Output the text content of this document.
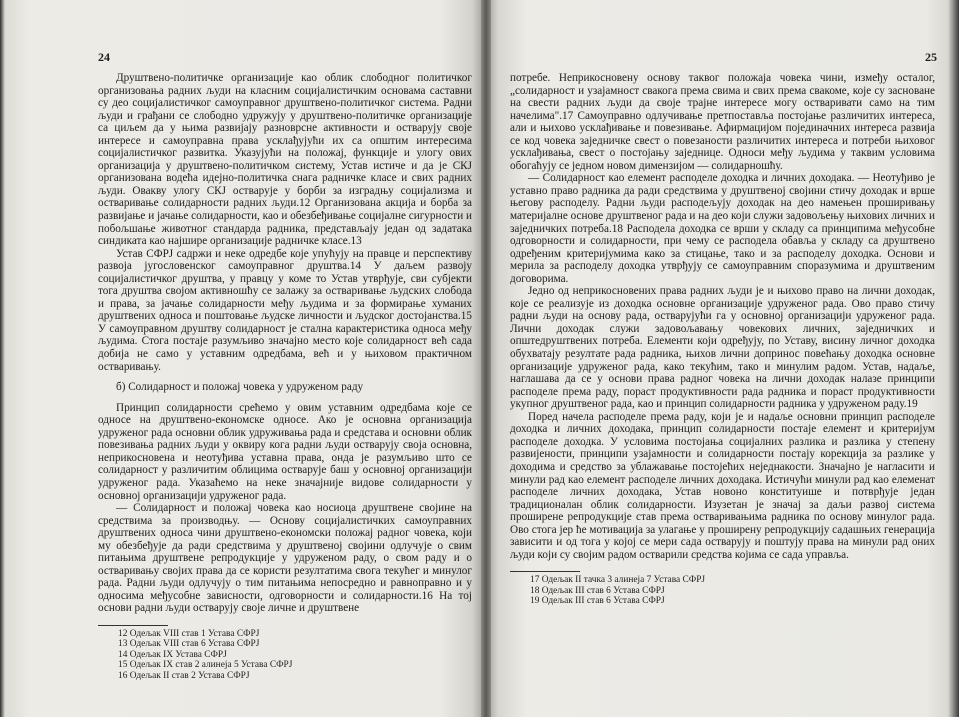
24

Друштвено-политичке организације као облик слободног политичког организовања радних људи на класним социјалистичким основама саставни су део социјалистичког самоуправног друштвено-политичког система. Радни људи и грађани се слободно удружују у друштвено-политичке организације са циљем да у њима развијају разноврсне активности и остварују своје интересе и самоуправна права усклађујући их са општим интересима социјалистичког развитка. Указујући на положај, функције и улогу ових организација у друштвено-политичком систему, Устав истиче и да је СКЈ организована водећа идејно-политичка снага радничке класе и свих радних људи. Овакву улогу СКЈ остварује у борби за изградњу социјализма и остваривање солидарности радних људи.12 Организована акција и борба за развијање и јачање солидарности, као и обезбеђивање социјалне сигурности и побољшање животног стандарда радника, представљају један од задатака синдиката као најшире организације радничке класе.13

Устав СФРЈ садржи и неке одредбе које упућују на правце и перспективу развоја југословенског самоуправног друштва.14 У даљем развоју социјалистичког друштва, у правцу у коме то Устав утврђује, сви субјекти тога друштва својом активношћу се залажу за остваривање људских слобода и права, за јачање солидарности међу људима и за формирање хуманих друштвених односа и поштовање људске личности и људског достојанства.15 У самоуправном друштву солидарност је стална карактеристика односа међу људима. Стога постаје разумљиво значајно место које солидарност већ сада добија не само у уставним одредбама, већ и у њиховом практичном остваривању.

б) Солидарност и положај човека у удруженом раду

Принцип солидарности срећемо у овим уставним одредбама које се односе на друштвено-економске односе. Ако је основна организација удруженог рада основни облик удруживања рада и средстава и основни облик повезивања радних људи у оквиру кога радни људи остварују своја основна, неприкосновена и неотуђива уставна права, онда је разумљиво што се солидарност у различитим облицима остварује баш у основној организацији удруженог рада. Указаћемо на неке значајније видове солидарности у основној организацији удруженог рада.

— Солидарност и положај човека као носиоца друштвене својине на средствима за производњу. — Основу социјалистичких самоуправних друштвених односа чини друштвено-економски положај радног човека, који му обезбеђује да ради средствима у друштвеној својини одлучује о свим питањима друштвене репродукције у удруженом раду, о свом раду и о остваривању својих права да се користи резултатима свога текућег и минулог рада. Радни људи одлучују о тим питањима непосредно и равноправно и у односима међусобне зависности, одговорности и солидарности.16 На тој основи радни људи остварују своје личне и друштвене

12 Одељак VIII став 1 Устава СФРЈ
13 Одељак VIII став 6 Устава СФРЈ
14 Одељак IX Устава СФРЈ
15 Одељак IX став 2 алинеја 5 Устава СФРЈ
16 Одељак II став 2 Устава СФРЈ
25

потребе. Неприкосновену основу таквог положаја човека чини, између осталог, „солидарност и узајамност свакога према свима и свих према свакоме, које су засноване на свести радних људи да своје трајне интересе могу остваривати само на тим начелима".17 Самоуправно одлучивање претпоставља постојање различитих интереса, али и њихово усклађивање и повезивање. Афирмацијом појединачних интереса развија се код човека заједничке свест о повезаности различитих интереса и потреби њиховог усклађивања, свест о постојању заједнице. Односи међу људима у таквим условима обогаћују се једном новом димензијом — солидарношћу.

— Солидарност као елемент расподеле доходка и личних доходака. — Неотуђиво је уставно право радника да ради средствима у друштвеној својини стичу доходак и врше његову расподелу. Радни људи расподељују доходак на део намењен проширивању материјалне основе друштвеног рада и на део који служи задовољењу њихових личних и заједничких потреба.18 Расподела доходка се врши у складу са принципима међусобне одговорности и солидарности, при чему се расподела обавља у складу са друштвено одређеним критеријумима како за стицање, тако и за расподелу доходка. Основи и мерила за расподелу доходка утврђују се самоуправним споразумима и друштвеним договорима.

Једно од неприкосновених права радних људи је и њихово право на лични доходак, које се реализује из доходка основне организације удруженог рада. Ово право стичу радни људи на основу рада, остварујући га у основној организацији удруженог рада. Лични доходак служи задовољавању човекових личних, заједничких и општедруштвених потреба. Елементи који одређују, по Уставу, висину личног доходка обухватају резултате рада радника, њихов лични допринос повећању доходка основне организације удруженог рада, како текућим, тако и минулим радом. Устав, надаље, наглашава да се у основи права радног човека на лични доходак налазе принципи расподеле према раду, пораст продуктивности рада радника и пораст продуктивности укупног друштвеног рада, као и принцип солидарности радника у удруженом раду.19

Поред начела расподеле према раду, који је и надаље основни принцип расподеле доходка и личних доходака, принцип солидарности постаје елемент и критеријум расподеле доходка. У условима постојања социјалних разлика и разлика у степену развијености, принципи узајамности и солидарности постају корекција за разлике у доходима и средство за ублажавање постојећих неједнакости. Значајно је нагласити и минули рад као елемент расподеле личних доходака. Истичући минули рад као елеменат расподеле личних доходака, Устав новоно конституише и потврђује један традиционалан облик солидарности. Изузетан је значај за даљи развој система проширене репродукције став према остваривањима радника по основу минулог рада. Ово стога јер ће мотивација за улагање у проширену репродукцију садашњих генерација зависити и од тога у којој се мери сада остварују и поштују права на минули рад оних људи који су својим радом остварили средства којима се сада управља.

17 Одељак II тачка 3 алинеја 7 Устава СФРЈ
18 Одељак III став 6 Устава СФРЈ
19 Одељак III став 6 Устава СФРЈ
